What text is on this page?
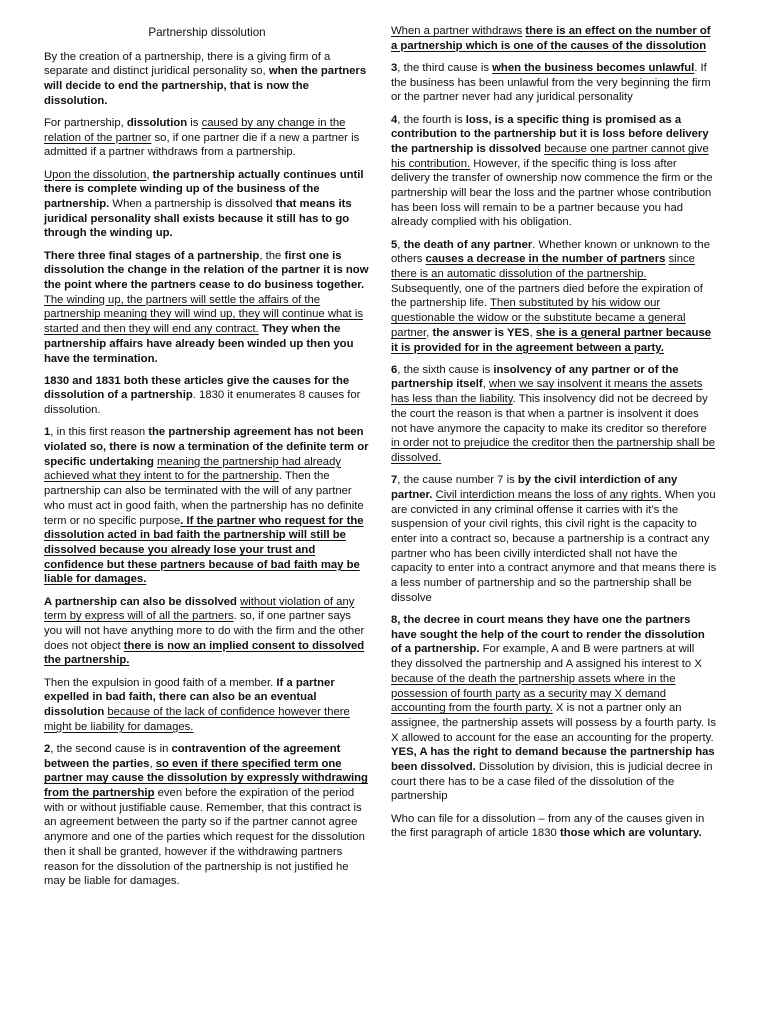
Partnership dissolution

By the creation of a partnership, there is a giving firm of a separate and distinct juridical personality so, when the partners will decide to end the partnership, that is now the dissolution.

For partnership, dissolution is caused by any change in the relation of the partner so, if one partner die if a new a partner is admitted if a partner withdraws from a partnership.

Upon the dissolution, the partnership actually continues until there is complete winding up of the business of the partnership. When a partnership is dissolved that means its juridical personality shall exists because it still has to go through the winding up.

There three final stages of a partnership, the first one is dissolution the change in the relation of the partner it is now the point where the partners cease to do business together. The winding up, the partners will settle the affairs of the partnership meaning they will wind up, they will continue what is started and then they will end any contract. They when the partnership affairs have already been winded up then you have the termination.

1830 and 1831 both these articles give the causes for the dissolution of a partnership. 1830 it enumerates 8 causes for dissolution.

1, in this first reason the partnership agreement has not been violated so, there is now a termination of the definite term or specific undertaking meaning the partnership had already achieved what they intent to for the partnership. Then the partnership can also be terminated with the will of any partner who must act in good faith, when the partnership has no definite term or no specific purpose. If the partner who request for the dissolution acted in bad faith the partnership will still be dissolved because you already lose your trust and confidence but these partners because of bad faith may be liable for damages.

A partnership can also be dissolved without violation of any term by express will of all the partners. so, if one partner says you will not have anything more to do with the firm and the other does not object there is now an implied consent to dissolved the partnership.

Then the expulsion in good faith of a member. If a partner expelled in bad faith, there can also be an eventual dissolution because of the lack of confidence however there might be liability for damages.

2, the second cause is in contravention of the agreement between the parties, so even if there specified term one partner may cause the dissolution by expressly withdrawing from the partnership even before the expiration of the period with or without justifiable cause. Remember, that this contract is an agreement between the party so if the partner cannot agree anymore and one of the parties which request for the dissolution then it shall be granted, however if the withdrawing partners reason for the dissolution of the partnership is not justified he may be liable for damages.

When a partner withdraws there is an effect on the number of a partnership which is one of the causes of the dissolution

3, the third cause is when the business becomes unlawful. If the business has been unlawful from the very beginning the firm or the partner never had any juridical personality

4, the fourth is loss, is a specific thing is promised as a contribution to the partnership but it is loss before delivery the partnership is dissolved because one partner cannot give his contribution. However, if the specific thing is loss after delivery the transfer of ownership now commence the firm or the partnership will bear the loss and the partner whose contribution has been loss will remain to be a partner because you had already complied with his obligation.

5, the death of any partner. Whether known or unknown to the others causes a decrease in the number of partners since there is an automatic dissolution of the partnership. Subsequently, one of the partners died before the expiration of the partnership life. Then substituted by his widow our questionable the widow or the substitute became a general partner, the answer is YES, she is a general partner because it is provided for in the agreement between a party.

6, the sixth cause is insolvency of any partner or of the partnership itself, when we say insolvent it means the assets has less than the liability. This insolvency did not be decreed by the court the reason is that when a partner is insolvent it does not have anymore the capacity to make its creditor so therefore in order not to prejudice the creditor then the partnership shall be dissolved.

7, the cause number 7 is by the civil interdiction of any partner. Civil interdiction means the loss of any rights. When you are convicted in any criminal offense it carries with it’s the suspension of your civil rights, this civil right is the capacity to enter into a contract so, because a partnership is a contract any partner who has been civilly interdicted shall not have the capacity to enter into a contract anymore and that means there is a less number of partnership and so the partnership shall be dissolve

8, the decree in court means they have one the partners have sought the help of the court to render the dissolution of a partnership. For example, A and B were partners at will they dissolved the partnership and A assigned his interest to X because of the death the partnership assets where in the possession of fourth party as a security may X demand accounting from the fourth party. X is not a partner only an assignee, the partnership assets will possess by a fourth party. Is X allowed to account for the ease an accounting for the property. YES, A has the right to demand because the partnership has been dissolved. Dissolution by division, this is judicial decree in court there has to be a case filed of the dissolution of the partnership

Who can file for a dissolution – from any of the causes given in the first paragraph of article 1830 those which are voluntary.
